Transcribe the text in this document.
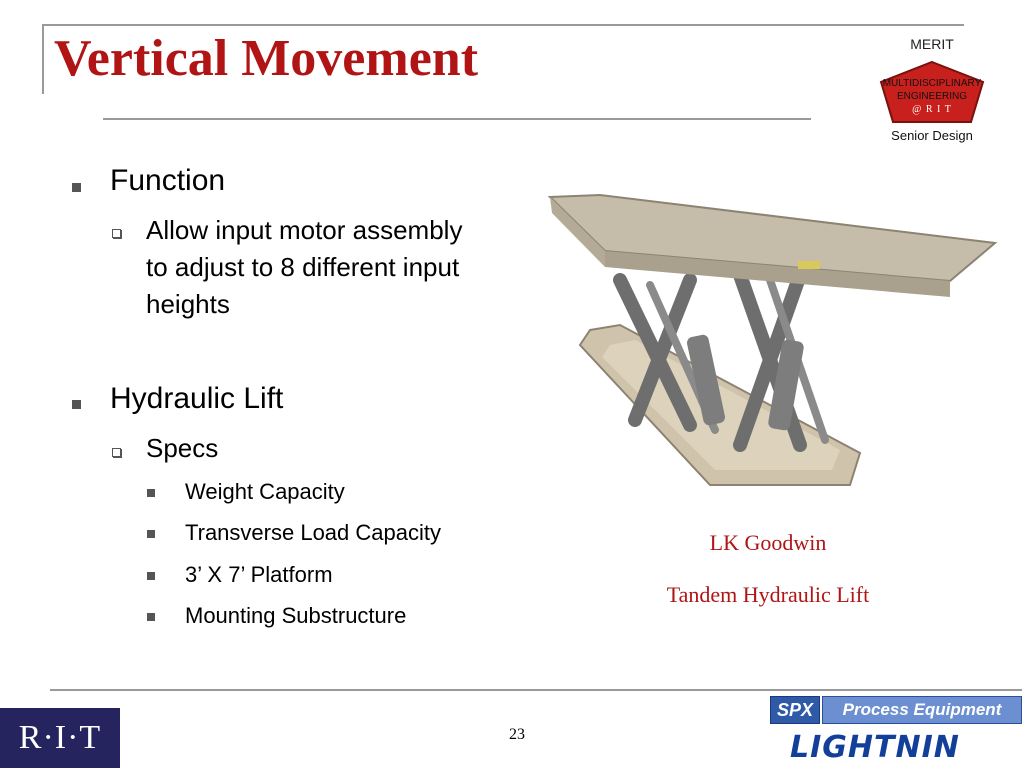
Vertical Movement	MERIT
MULTIDISCIPLINARY
ENGINEERING
@ R I T
Senior Design
Function
Allow input motor assembly to adjust to 8 different input heights
Hydraulic Lift
Specs
Weight Capacity
Transverse Load Capacity
3’ X 7’ Platform
Mounting Substructure
LK Goodwin
Tandem Hydraulic Lift
R·I·T	23
SPX	Process Equipment
LIGHTNIN
